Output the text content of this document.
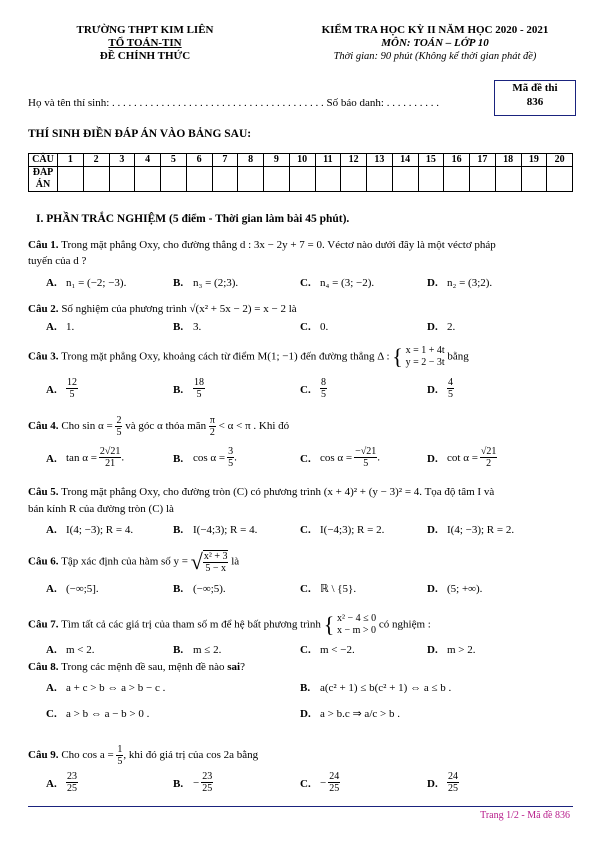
TRƯỜNG THPT KIM LIÊN
TỔ TOÁN-TIN
ĐỀ CHÍNH THỨC
KIỂM TRA HỌC KỲ II NĂM HỌC 2020 - 2021
MÔN: TOÁN – LỚP 10
Thời gian: 90 phút (Không kể thời gian phát đề)
Mã đề thi
836
Họ và tên thí sinh: . . . . . . . . . . . . . . . . . . . . . . . . . . . . . . . . . . . . . . . Số báo danh: . . . . . . . . . .
THÍ SINH ĐIỀN ĐÁP ÁN VÀO BẢNG SAU:
CÂU	1	2	3	4	5	6	7	8	9	10	11	12	13	14	15	16	17	18	19	20
ĐÁP ÁN																				
I. PHẦN TRẮC NGHIỆM (5 điểm - Thời gian làm bài 45 phút).
Câu 1. Trong mặt phẳng Oxy, cho đường thẳng d : 3x − 2y + 7 = 0. Véctơ nào dưới đây là một véctơ pháp
tuyến của d ?
A. n₁ = (−2; −3).	B. n₃ = (2;3).	C. n₄ = (3; −2).	D. n₂ = (3;2).
Câu 2. Số nghiệm của phương trình √(x² + 5x − 2) = x − 2 là
A. 1.	B. 3.	C. 0.	D. 2.
Câu 3. Trong mặt phẳng Oxy, khoảng cách từ điểm M(1; −1) đến đường thẳng Δ : { x = 1 + 4t
y = 2 − 3t bằng
A. $\frac{12}{5}$	B. $\frac{18}{5}$	C. $\frac{8}{5}$	D. $\frac{4}{5}$
Câu 4. Cho $\sin \alpha = \frac{2}{5}$ và góc α thỏa mãn $\frac{\pi}{2} < \alpha < \pi$ . Khi đó
A. $\tan \alpha = \frac{2√21}{21}$ .	B. $\cos \alpha = \frac{3}{5}$ .	C. $\cos \alpha = \frac{-√21}{5}$ .	D. $\cot \alpha = \frac{√21}{2}$
Câu 5. Trong mặt phẳng Oxy, cho đường tròn (C) có phương trình (x + 4)² + (y − 3)² = 4. Tọa độ tâm I và
bán kính R của đường tròn (C) là
A. I(4; −3); R = 4.	B. I(−4;3); R = 4.	C. I(−4;3); R = 2.	D. I(4; −3); R = 2.
Câu 6. Tập xác định của hàm số y = √ $\frac{\text{x² + 3}}{5 - x}$ là
A. (−∞;5].	B. (−∞;5).	C. ℝ \ {5}.	D. (5; +∞).
Câu 7. Tìm tất cả các giá trị của tham số m để hệ bất phương trình { x² − 4 ≤ 0
x − m > 0 có nghiệm :
A. m < 2.	B. m ≤ 2.	C. m < −2.	D. m > 2.
Câu 8. Trong các mệnh đề sau, mệnh đề nào sai?
A. a + c > b ⇔ a > b − c .	B. a(c² + 1) ≤ b(c² + 1) ⇔ a ≤ b .
C. a > b ⇔ a − b > 0 .	D. a > b.c ⇒ a/c > b .
Câu 9. Cho $\cos a = \frac{1}{5}$ , khi đó giá trị của cos 2a bằng
A. $\frac{23}{25}$	B. − $\frac{23}{25}$	C. − $\frac{24}{25}$	D. $\frac{24}{25}$
Trang 1/2 - Mã đề 836
